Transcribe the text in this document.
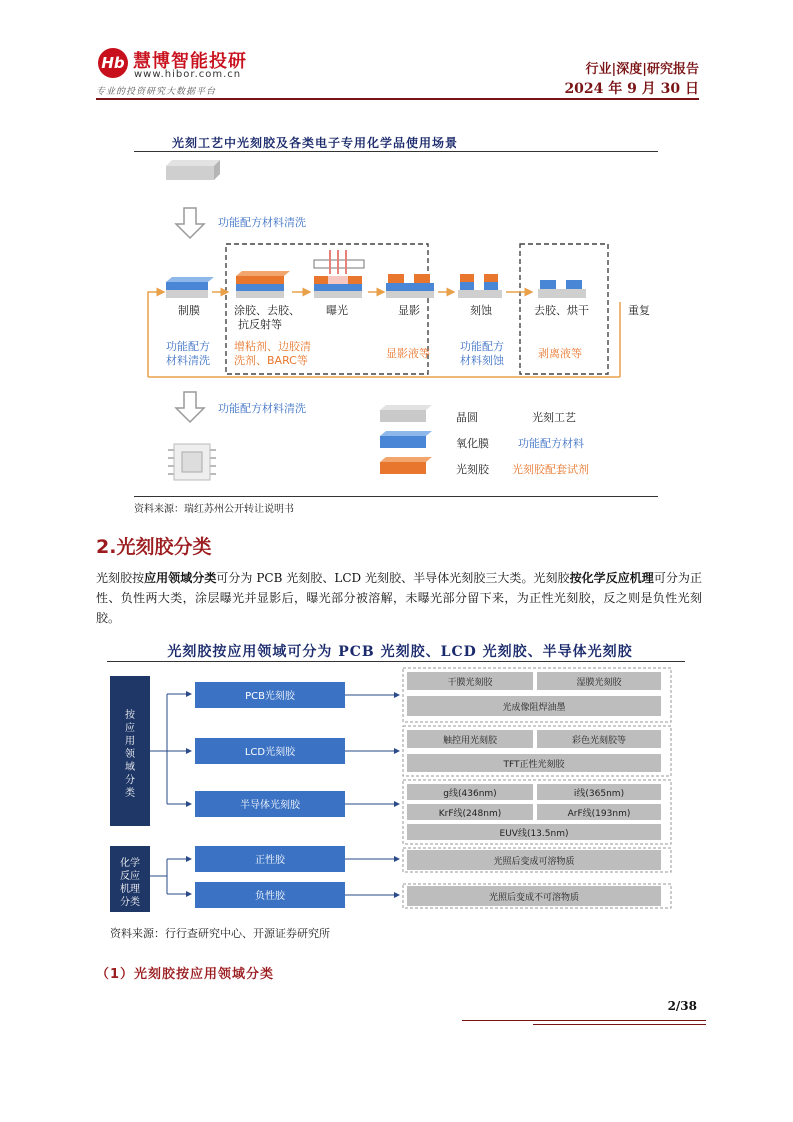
Hb 慧博智能投研
www.hibor.com.cn
专业的投资研究大数据平台
行业|深度|研究报告
2024 年 9 月 30 日
光刻工艺中光刻胶及各类电子专用化学品使用场景
功能配方材料清洗
制膜	涂胶、去胶、
抗反射等
曝光	显影	刻蚀	去胶、烘干	重复
功能配方
材料清洗
增粘剂、边胶清
洗剂、BARC等
显影液等
功能配方
材料刻蚀
剥离液等
功能配方材料清洗
晶圆
氧化膜
光刻胶
光刻工艺
功能配方材料
光刻胶配套试剂
资料来源：瑞红苏州公开转让说明书
2.光刻胶分类
光刻胶按应用领域分类可分为 PCB 光刻胶、LCD 光刻胶、半导体光刻胶三大类。光刻胶按化学反应机理可分为正性、负性两大类，涂层曝光并显影后，曝光部分被溶解，未曝光部分留下来，为正性光刻胶，反之则是负性光刻胶。
光刻胶按应用领域可分为 PCB 光刻胶、LCD 光刻胶、半导体光刻胶
按
应
用
领
域
分
类
化学
反应
机理
分类
PCB光刻胶
LCD光刻胶
半导体光刻胶
正性胶
负性胶
干膜光刻胶	湿膜光刻胶
光成像阻焊油墨
触控用光刻胶	彩色光刻胶等
TFT正性光刻胶
g线(436nm)	i线(365nm)
KrF线(248nm)	ArF线(193nm)
EUV线(13.5nm)
光照后变成可溶物质
光照后变成不可溶物质
资料来源：行行查研究中心、开源证券研究所
（1）光刻胶按应用领域分类
2/38
